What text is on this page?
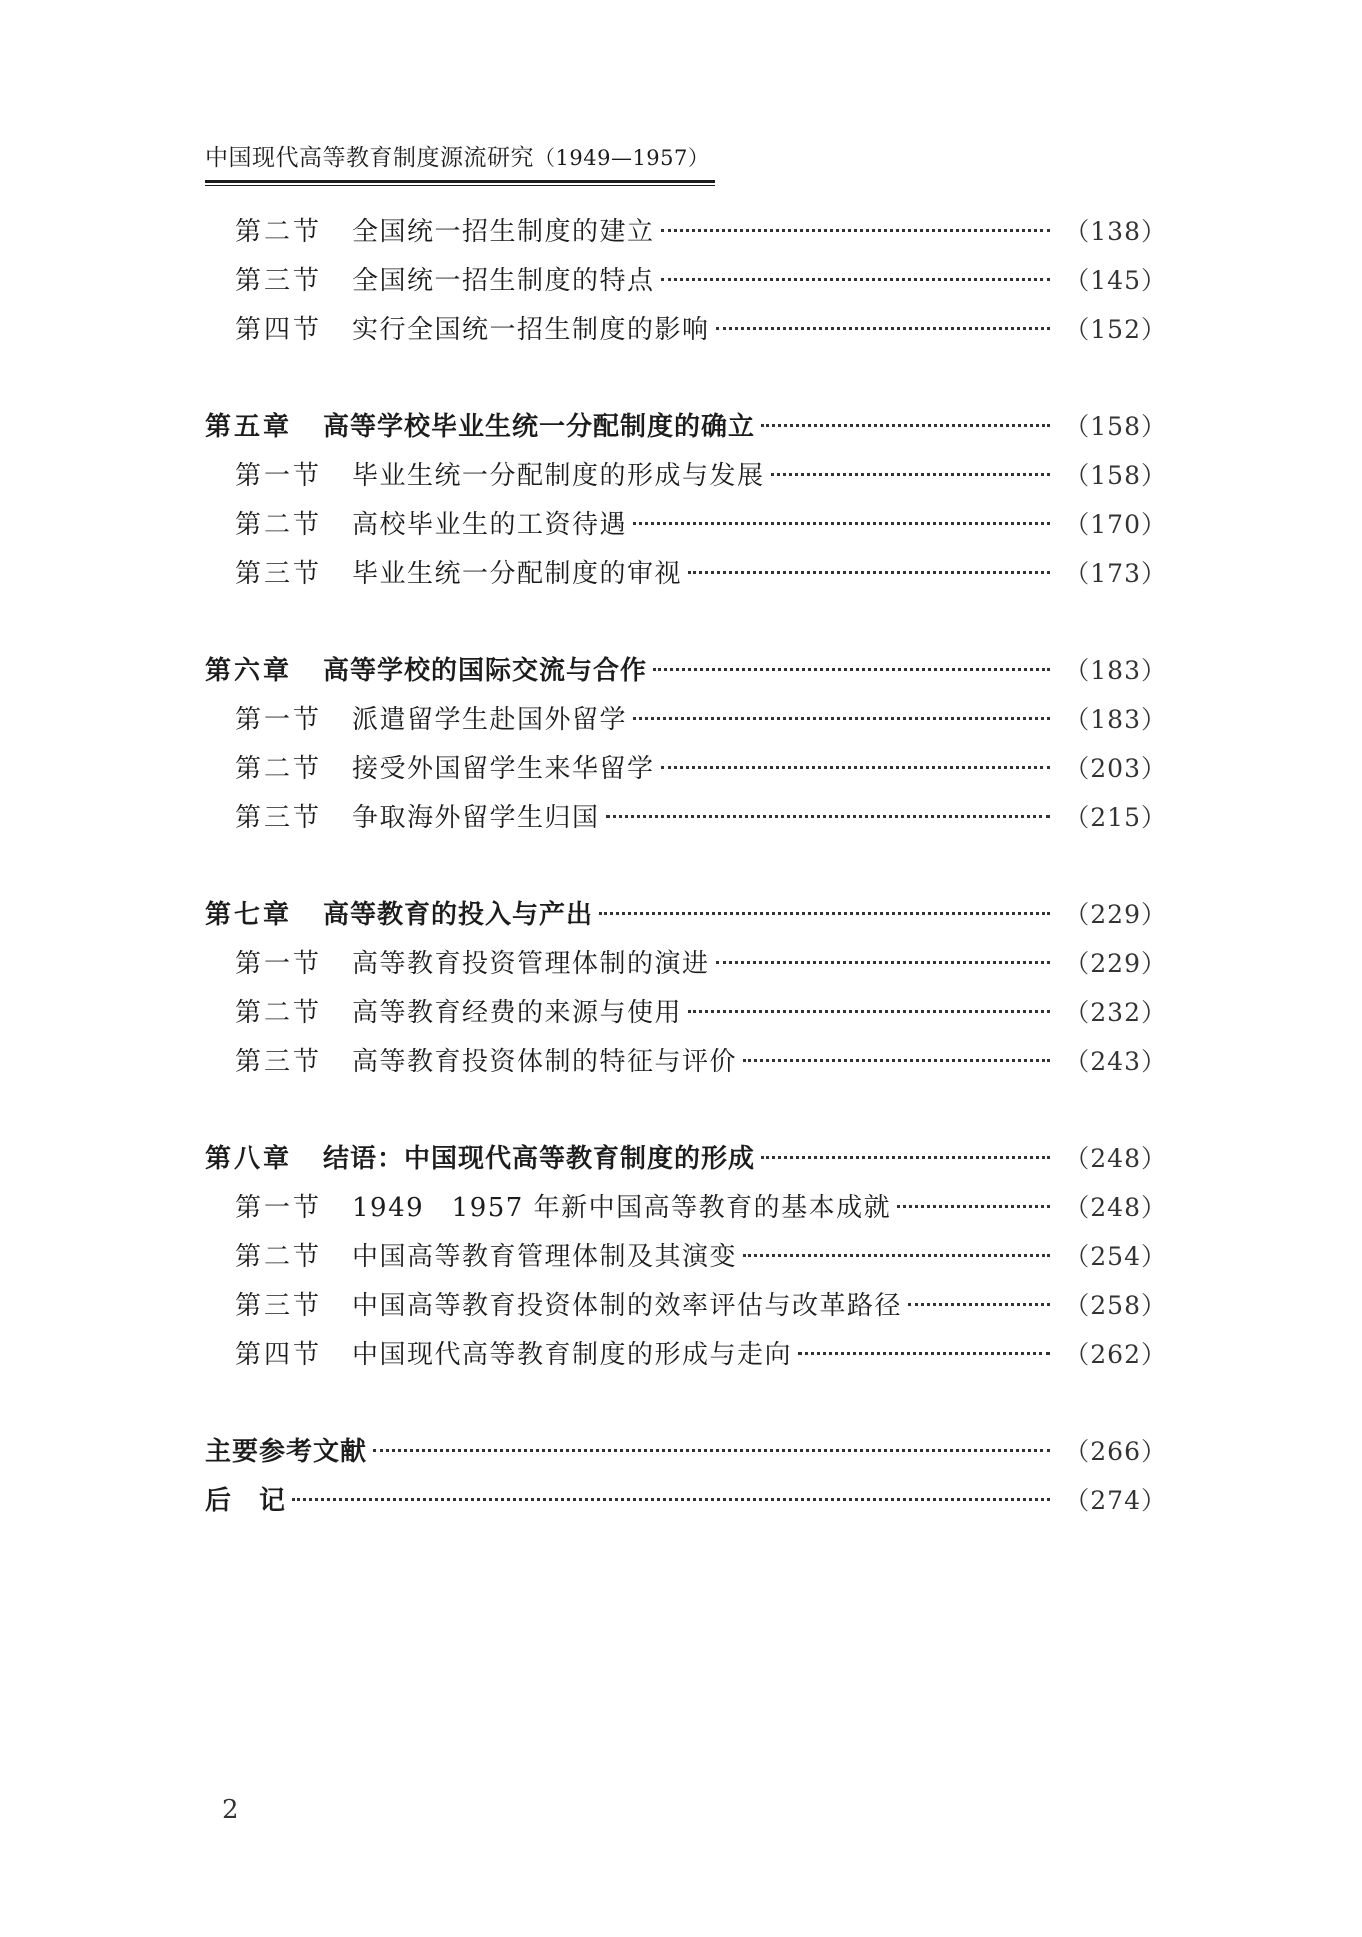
中国现代高等教育制度源流研究（1949—1957）
第二节	全国统一招生制度的建立	（138）
第三节	全国统一招生制度的特点	（145）
第四节	实行全国统一招生制度的影响	（152）
第五章	高等学校毕业生统一分配制度的确立	（158）
第一节	毕业生统一分配制度的形成与发展	（158）
第二节	高校毕业生的工资待遇	（170）
第三节	毕业生统一分配制度的审视	（173）
第六章	高等学校的国际交流与合作	（183）
第一节	派遣留学生赴国外留学	（183）
第二节	接受外国留学生来华留学	（203）
第三节	争取海外留学生归国	（215）
第七章	高等教育的投入与产出	（229）
第一节	高等教育投资管理体制的演进	（229）
第二节	高等教育经费的来源与使用	（232）
第三节	高等教育投资体制的特征与评价	（243）
第八章	结语：中国现代高等教育制度的形成	（248）
第一节	1949　1957 年新中国高等教育的基本成就	（248）
第二节	中国高等教育管理体制及其演变	（254）
第三节	中国高等教育投资体制的效率评估与改革路径	（258）
第四节	中国现代高等教育制度的形成与走向	（262）
主要参考文献	（266）
后　记	（274）
2
